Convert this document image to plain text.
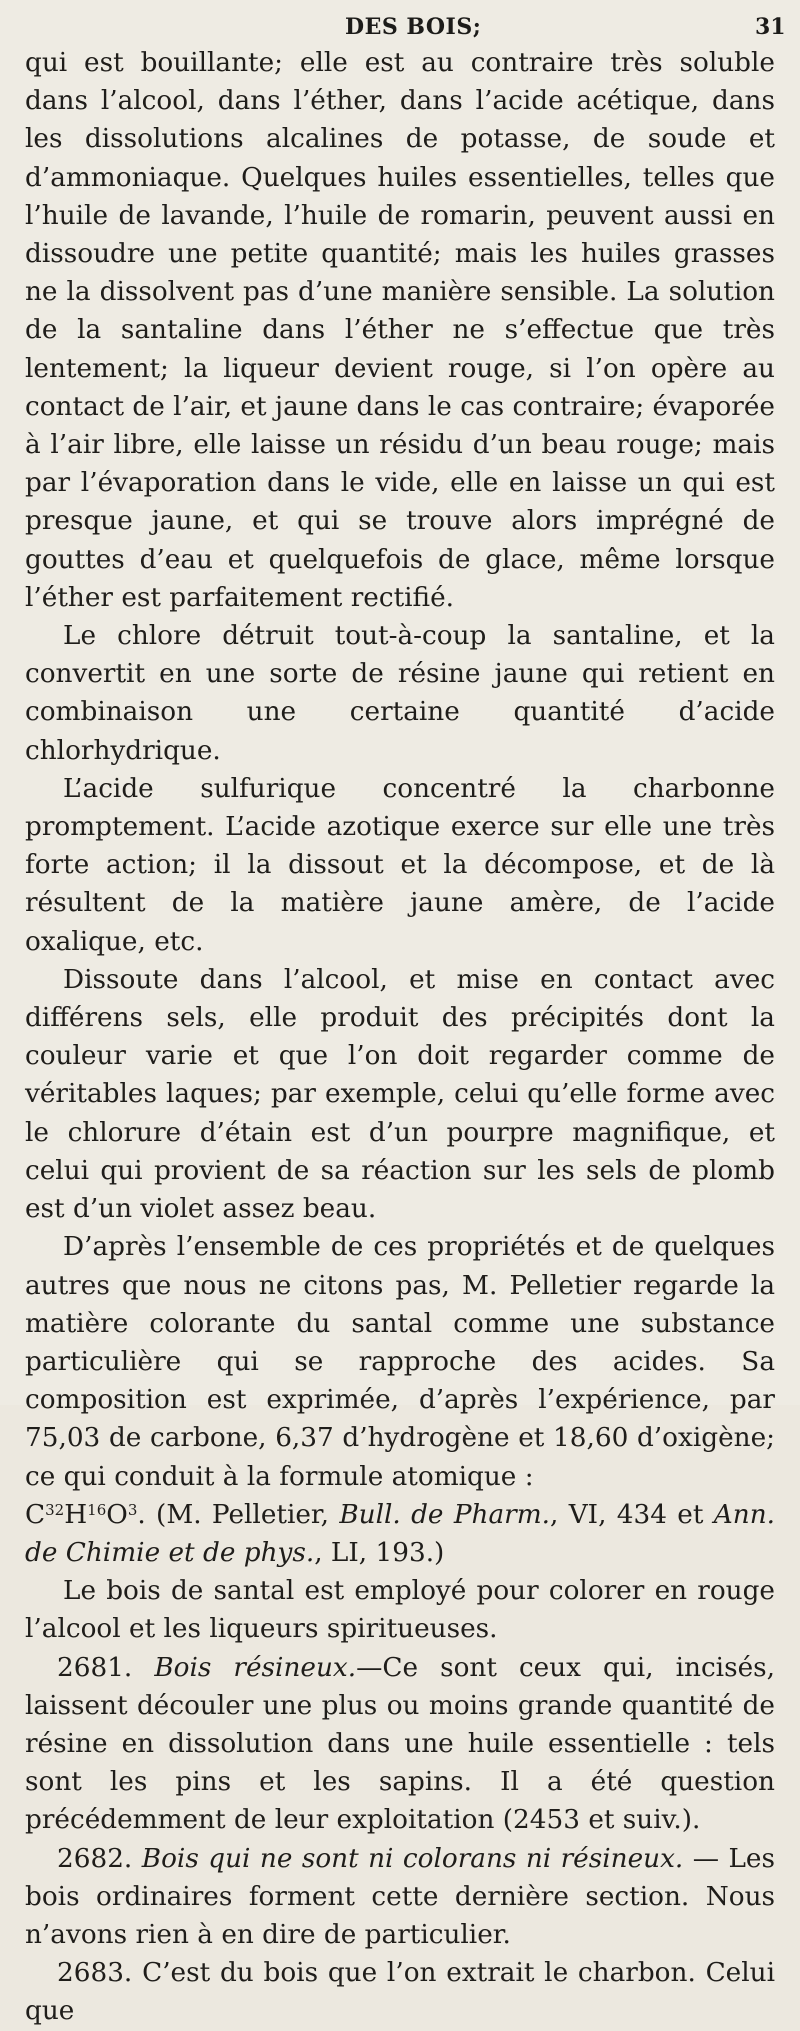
DES BOIS;	31

qui est bouillante; elle est au contraire très soluble dans l’alcool, dans l’éther, dans l’acide acétique, dans les dissolutions alcalines de potasse, de soude et d’ammoniaque. Quelques huiles essentielles, telles que l’huile de lavande, l’huile de romarin, peuvent aussi en dissoudre une petite quantité; mais les huiles grasses ne la dissolvent pas d’une manière sensible. La solution de la santaline dans l’éther ne s’effectue que très lentement; la liqueur devient rouge, si l’on opère au contact de l’air, et jaune dans le cas contraire; évaporée à l’air libre, elle laisse un résidu d’un beau rouge; mais par l’évaporation dans le vide, elle en laisse un qui est presque jaune, et qui se trouve alors imprégné de gouttes d’eau et quelquefois de glace, même lorsque l’éther est parfaitement rectifié.

Le chlore détruit tout-à-coup la santaline, et la convertit en une sorte de résine jaune qui retient en combinaison une certaine quantité d’acide chlorhydrique.

L’acide sulfurique concentré la charbonne promptement. L’acide azotique exerce sur elle une très forte action; il la dissout et la décompose, et de là résultent de la matière jaune amère, de l’acide oxalique, etc.

Dissoute dans l’alcool, et mise en contact avec différens sels, elle produit des précipités dont la couleur varie et que l’on doit regarder comme de véritables laques; par exemple, celui qu’elle forme avec le chlorure d’étain est d’un pourpre magnifique, et celui qui provient de sa réaction sur les sels de plomb est d’un violet assez beau.

D’après l’ensemble de ces propriétés et de quelques autres que nous ne citons pas, M. Pelletier regarde la matière colorante du santal comme une substance particulière qui se rapproche des acides. Sa composition est exprimée, d’après l’expérience, par 75,03 de carbone, 6,37 d’hydrogène et 18,60 d’oxigène; ce qui conduit à la formule atomique :
$C^{32}H^{16}O^3$. (M. Pelletier, Bull. de Pharm., VI, 434 et Ann. de Chimie et de phys., LI, 193.)

Le bois de santal est employé pour colorer en rouge l’alcool et les liqueurs spiritueuses.

2681. Bois résineux.—Ce sont ceux qui, incisés, laissent découler une plus ou moins grande quantité de résine en dissolution dans une huile essentielle : tels sont les pins et les sapins. Il a été question précédemment de leur exploitation (2453 et suiv.).

2682. Bois qui ne sont ni colorans ni résineux. — Les bois ordinaires forment cette dernière section. Nous n’avons rien à en dire de particulier.

2683. C’est du bois que l’on extrait le charbon. Celui que
